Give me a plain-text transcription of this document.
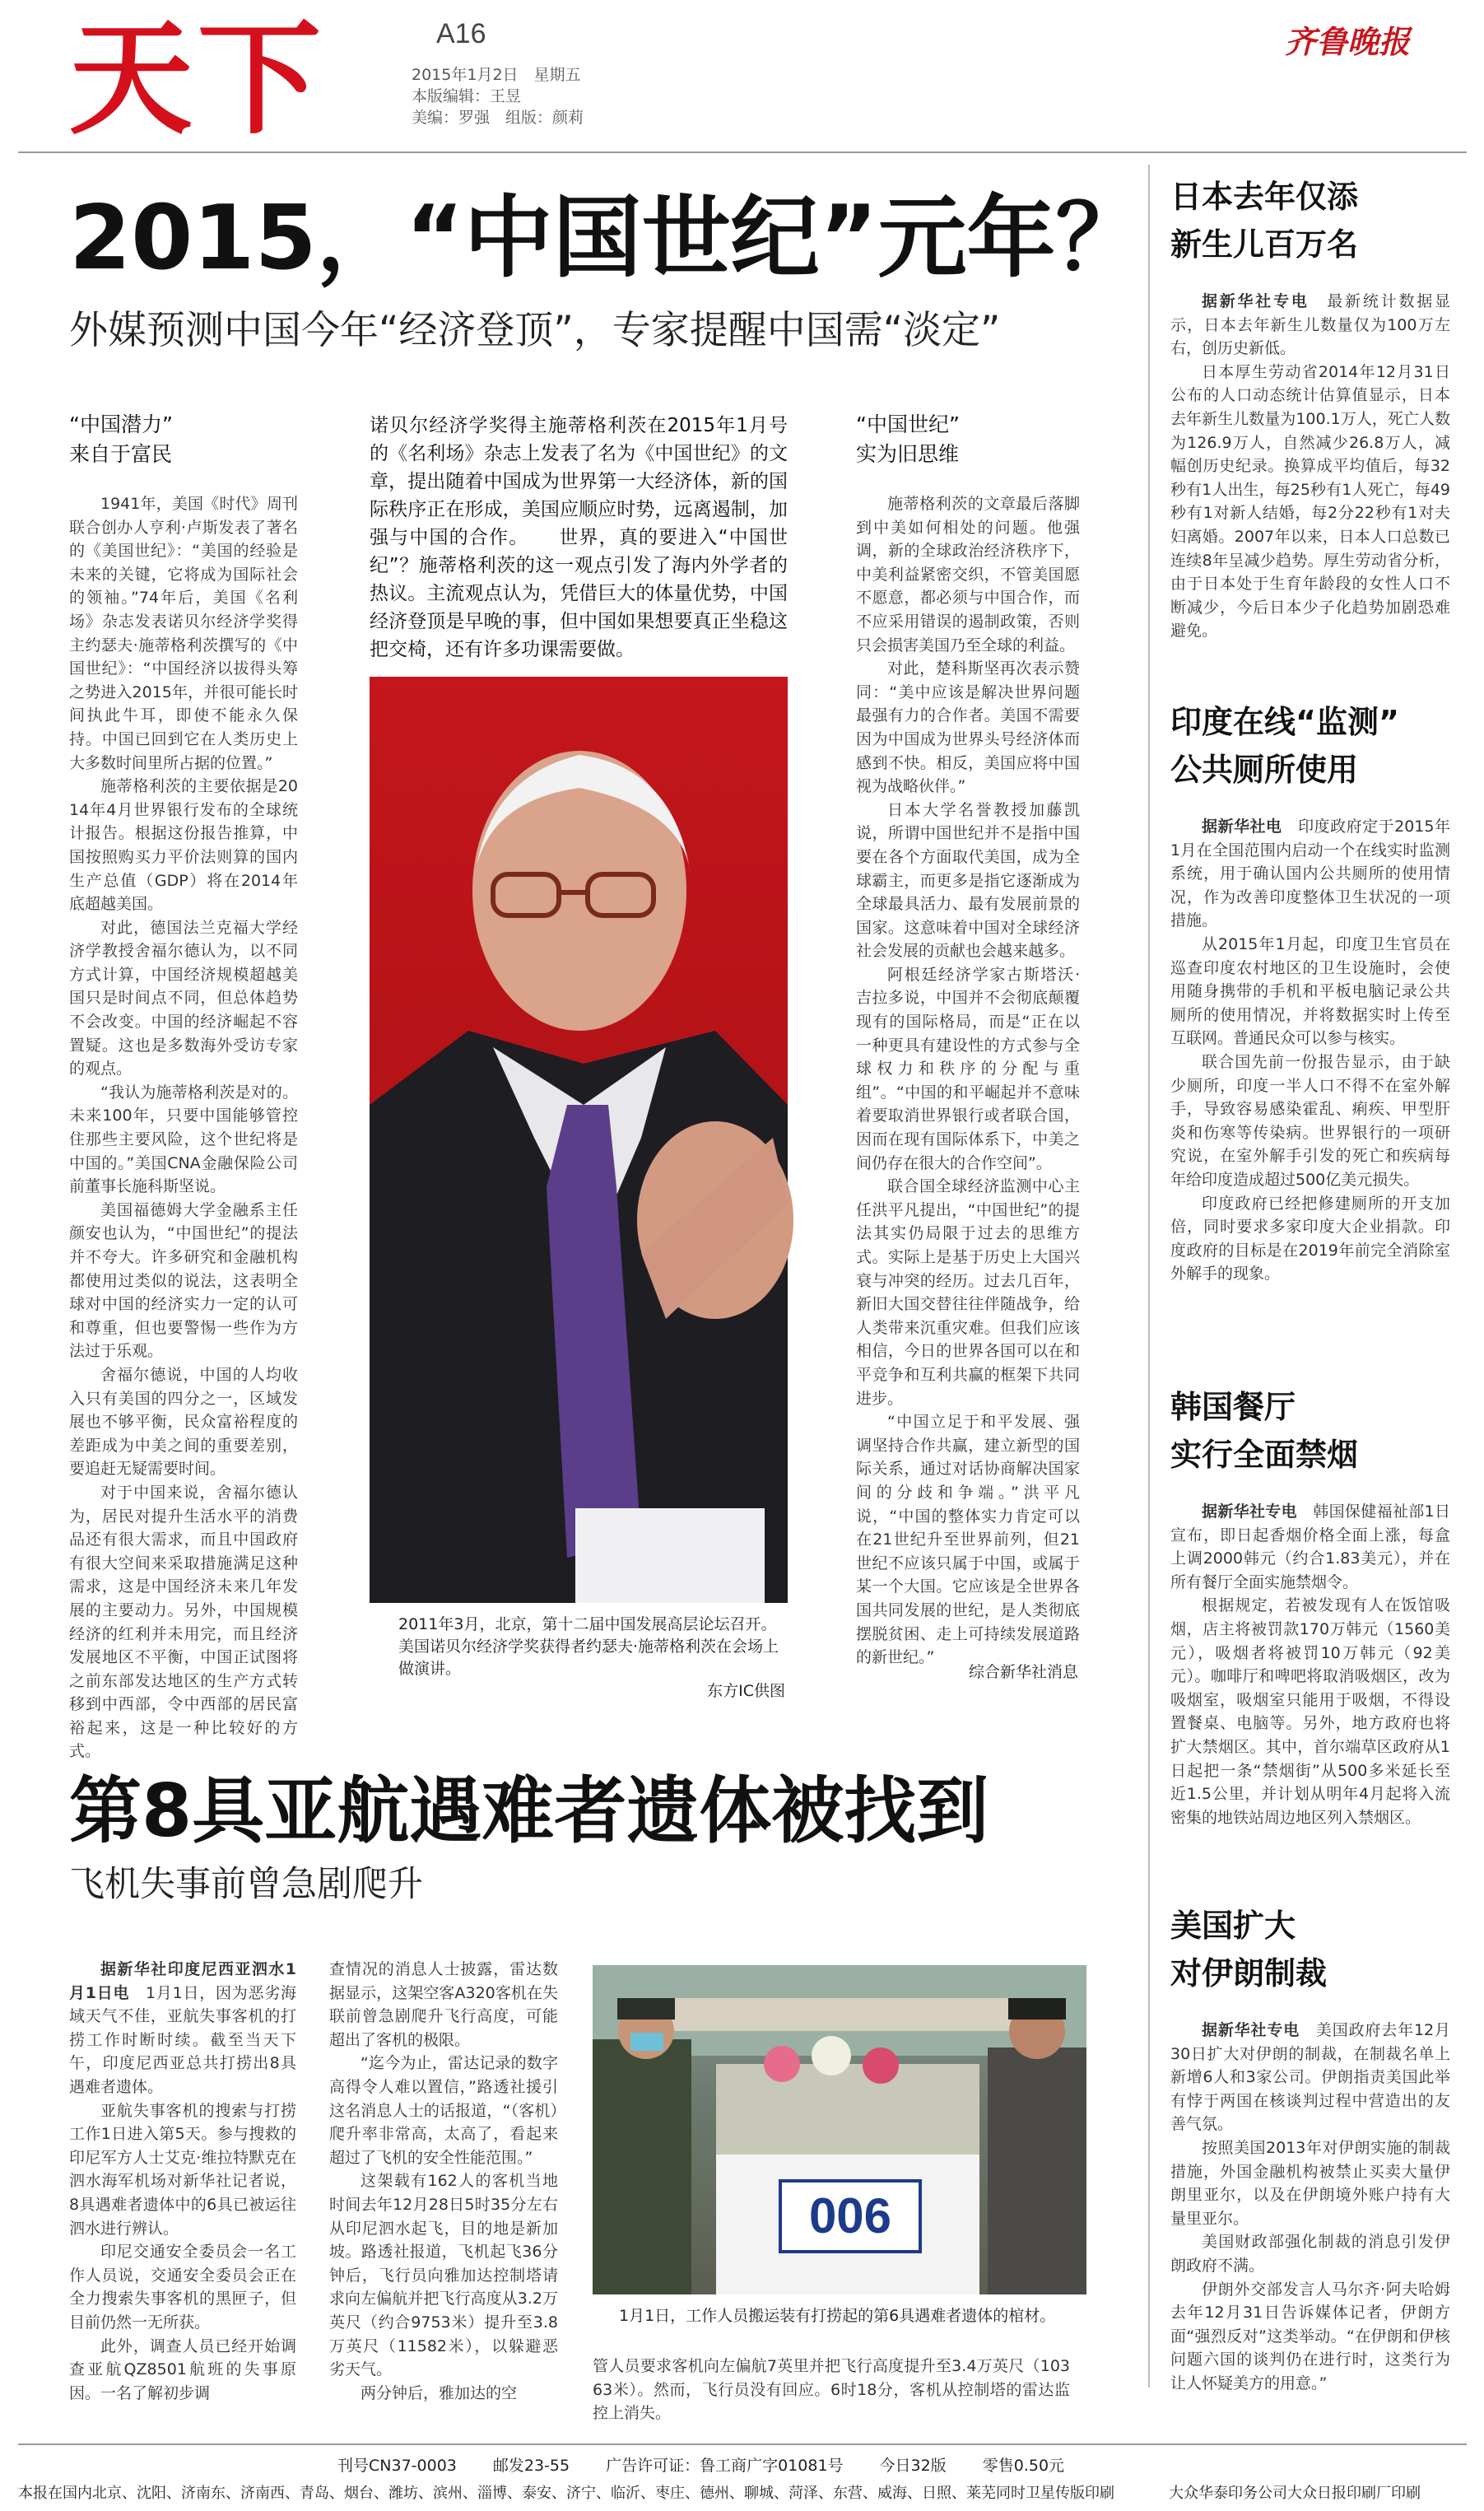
天下	A16
2015年1月2日　星期五
本版编辑：王昱
美编：罗强　组版：颜莉
齐鲁晚报
2015，“中国世纪”元年？
外媒预测中国今年“经济登顶”，专家提醒中国需“淡定”
“中国潜力”
来自于富民

1941年，美国《时代》周刊联合创办人亨利·卢斯发表了著名的《美国世纪》：“美国的经验是未来的关键，它将成为国际社会的领袖。”74年后，美国《名利场》杂志发表诺贝尔经济学奖得主约瑟夫·施蒂格利茨撰写的《中国世纪》：“中国经济以拔得头筹之势进入2015年，并很可能长时间执此牛耳，即使不能永久保持。中国已回到它在人类历史上大多数时间里所占据的位置。”

施蒂格利茨的主要依据是2014年4月世界银行发布的全球统计报告。根据这份报告推算，中国按照购买力平价法则算的国内生产总值（GDP）将在2014年底超越美国。

对此，德国法兰克福大学经济学教授舍福尔德认为，以不同方式计算，中国经济规模超越美国只是时间点不同，但总体趋势不会改变。中国的经济崛起不容置疑。这也是多数海外受访专家的观点。

“我认为施蒂格利茨是对的。未来100年，只要中国能够管控住那些主要风险，这个世纪将是中国的。”美国CNA金融保险公司前董事长施科斯坚说。

美国福德姆大学金融系主任颜安也认为，“中国世纪”的提法并不夸大。许多研究和金融机构都使用过类似的说法，这表明全球对中国的经济实力一定的认可和尊重，但也要警惕一些作为方法过于乐观。

舍福尔德说，中国的人均收入只有美国的四分之一，区域发展也不够平衡，民众富裕程度的差距成为中美之间的重要差别，要追赶无疑需要时间。

对于中国来说，舍福尔德认为，居民对提升生活水平的消费品还有很大需求，而且中国政府有很大空间来采取措施满足这种需求，这是中国经济未来几年发展的主要动力。另外，中国规模经济的红利并未用完，而且经济发展地区不平衡，中国正试图将之前东部发达地区的生产方式转移到中西部，令中西部的居民富裕起来，这是一种比较好的方式。

诺贝尔经济学奖得主施蒂格利茨在2015年1月号的《名利场》杂志上发表了名为《中国世纪》的文章，提出随着中国成为世界第一大经济体，新的国际秩序正在形成，美国应顺应时势，远离遏制，加强与中国的合作。　　世界，真的要进入“中国世纪”？施蒂格利茨的这一观点引发了海内外学者的热议。主流观点认为，凭借巨大的体量优势，中国经济登顶是早晚的事，但中国如果想要真正坐稳这把交椅，还有许多功课需要做。
2011年3月，北京，第十二届中国发展高层论坛召开。美国诺贝尔经济学奖获得者约瑟夫·施蒂格利茨在会场上做演讲。
东方IC供图
“中国世纪”
实为旧思维

施蒂格利茨的文章最后落脚到中美如何相处的问题。他强调，新的全球政治经济秩序下，中美利益紧密交织，不管美国愿不愿意，都必须与中国合作，而不应采用错误的遏制政策，否则只会损害美国乃至全球的利益。

对此，楚科斯坚再次表示赞同：“美中应该是解决世界问题最强有力的合作者。美国不需要因为中国成为世界头号经济体而感到不快。相反，美国应将中国视为战略伙伴。”

日本大学名誉教授加藤凯说，所谓中国世纪并不是指中国要在各个方面取代美国，成为全球霸主，而更多是指它逐渐成为全球最具活力、最有发展前景的国家。这意味着中国对全球经济社会发展的贡献也会越来越多。

阿根廷经济学家古斯塔沃·吉拉多说，中国并不会彻底颠覆现有的国际格局，而是“正在以一种更具有建设性的方式参与全球权力和秩序的分配与重组”。“中国的和平崛起并不意味着要取消世界银行或者联合国，因而在现有国际体系下，中美之间仍存在很大的合作空间”。

联合国全球经济监测中心主任洪平凡提出，“中国世纪”的提法其实仍局限于过去的思维方式。实际上是基于历史上大国兴衰与冲突的经历。过去几百年，新旧大国交替往往伴随战争，给人类带来沉重灾难。但我们应该相信，今日的世界各国可以在和平竞争和互利共赢的框架下共同进步。

“中国立足于和平发展、强调坚持合作共赢，建立新型的国际关系，通过对话协商解决国家间的分歧和争端。”洪平凡说，“中国的整体实力肯定可以在21世纪升至世界前列，但21世纪不应该只属于中国，或属于某一个大国。它应该是全世界各国共同发展的世纪，是人类彻底摆脱贫困、走上可持续发展道路的新世纪。”

综合新华社消息
第8具亚航遇难者遗体被找到
飞机失事前曾急剧爬升

据新华社印度尼西亚泗水1月1日电　 1月1日，因为恶劣海域天气不佳，亚航失事客机的打捞工作时断时续。截至当天下午，印度尼西亚总共打捞出8具遇难者遗体。

亚航失事客机的搜索与打捞工作1日进入第5天。参与搜救的印尼军方人士艾克·维拉特默克在泗水海军机场对新华社记者说，8具遇难者遗体中的6具已被运往泗水进行辨认。

印尼交通安全委员会一名工作人员说，交通安全委员会正在全力搜索失事客机的黑匣子，但目前仍然一无所获。

此外，调查人员已经开始调查亚航QZ8501航班的失事原因。一名了解初步调

查情况的消息人士披露，雷达数据显示，这架空客A320客机在失联前曾急剧爬升飞行高度，可能超出了客机的极限。

“迄今为止，雷达记录的数字高得令人难以置信，”路透社援引这名消息人士的话报道，“（客机）爬升率非常高，太高了，看起来超过了飞机的安全性能范围。”

这架载有162人的客机当地时间去年12月28日5时35分左右从印尼泗水起飞，目的地是新加坡。路透社报道，飞机起飞36分钟后，飞行员向雅加达控制塔请求向左偏航并把飞行高度从3.2万英尺（约合9753米）提升至3.8万英尺（11582米），以躲避恶劣天气。

两分钟后，雅加达的空

006
1月1日，工作人员搬运装有打捞起的第6具遇难者遗体的棺材。

管人员要求客机向左偏航7英里并把飞行高度提升至3.4万英尺（10363米）。然而，飞行员没有回应。6时18分，客机从控制塔的雷达监控上消失。

日本去年仅添
新生儿百万名

据新华社专电　 最新统计数据显示，日本去年新生儿数量仅为100万左右，创历史新低。

日本厚生劳动省2014年12月31日公布的人口动态统计估算值显示，日本去年新生儿数量为100.1万人，死亡人数为126.9万人，自然减少26.8万人，减幅创历史纪录。换算成平均值后，每32秒有1人出生，每25秒有1人死亡，每49秒有1对新人结婚，每2分22秒有1对夫妇离婚。2007年以来，日本人口总数已连续8年呈减少趋势。厚生劳动省分析，由于日本处于生育年龄段的女性人口不断减少，今后日本少子化趋势加剧恐难避免。

印度在线“监测”
公共厕所使用

据新华社电　 印度政府定于2015年1月在全国范围内启动一个在线实时监测系统，用于确认国内公共厕所的使用情况，作为改善印度整体卫生状况的一项措施。

从2015年1月起，印度卫生官员在巡查印度农村地区的卫生设施时，会使用随身携带的手机和平板电脑记录公共厕所的使用情况，并将数据实时上传至互联网。普通民众可以参与核实。

联合国先前一份报告显示，由于缺少厕所，印度一半人口不得不在室外解手，导致容易感染霍乱、痢疾、甲型肝炎和伤寒等传染病。世界银行的一项研究说，在室外解手引发的死亡和疾病每年给印度造成超过500亿美元损失。

印度政府已经把修建厕所的开支加倍，同时要求多家印度大企业捐款。印度政府的目标是在2019年前完全消除室外解手的现象。

韩国餐厅
实行全面禁烟

据新华社专电　 韩国保健福祉部1日宣布，即日起香烟价格全面上涨，每盒上调2000韩元（约合1.83美元），并在所有餐厅全面实施禁烟令。

根据规定，若被发现有人在饭馆吸烟，店主将被罚款170万韩元（1560美元），吸烟者将被罚10万韩元（92美元）。咖啡厅和啤吧将取消吸烟区，改为吸烟室，吸烟室只能用于吸烟，不得设置餐桌、电脑等。另外，地方政府也将扩大禁烟区。其中，首尔端草区政府从1日起把一条“禁烟街”从500多米延长至近1.5公里，并计划从明年4月起将入流密集的地铁站周边地区列入禁烟区。

美国扩大
对伊朗制裁

据新华社专电　 美国政府去年12月30日扩大对伊朗的制裁，在制裁名单上新增6人和3家公司。伊朗指责美国此举有悖于两国在核谈判过程中营造出的友善气氛。

按照美国2013年对伊朗实施的制裁措施，外国金融机构被禁止买卖大量伊朗里亚尔，以及在伊朗境外账户持有大量里亚尔。

美国财政部强化制裁的消息引发伊朗政府不满。

伊朗外交部发言人马尔齐·阿夫哈姆去年12月31日告诉媒体记者，伊朗方面“强烈反对”这类举动。“在伊朗和伊核问题六国的谈判仍在进行时，这类行为让人怀疑美方的用意。”

刊号CN37-0003 邮发23-55 广告许可证：鲁工商广字01081号 今日32版 零售0.50元
本报在国内北京、沈阳、济南东、济南西、青岛、烟台、潍坊、滨州、淄博、泰安、济宁、临沂、枣庄、德州、聊城、菏泽、东营、威海、日照、莱芜同时卫星传版印刷	大众华泰印务公司大众日报印刷厂印刷
